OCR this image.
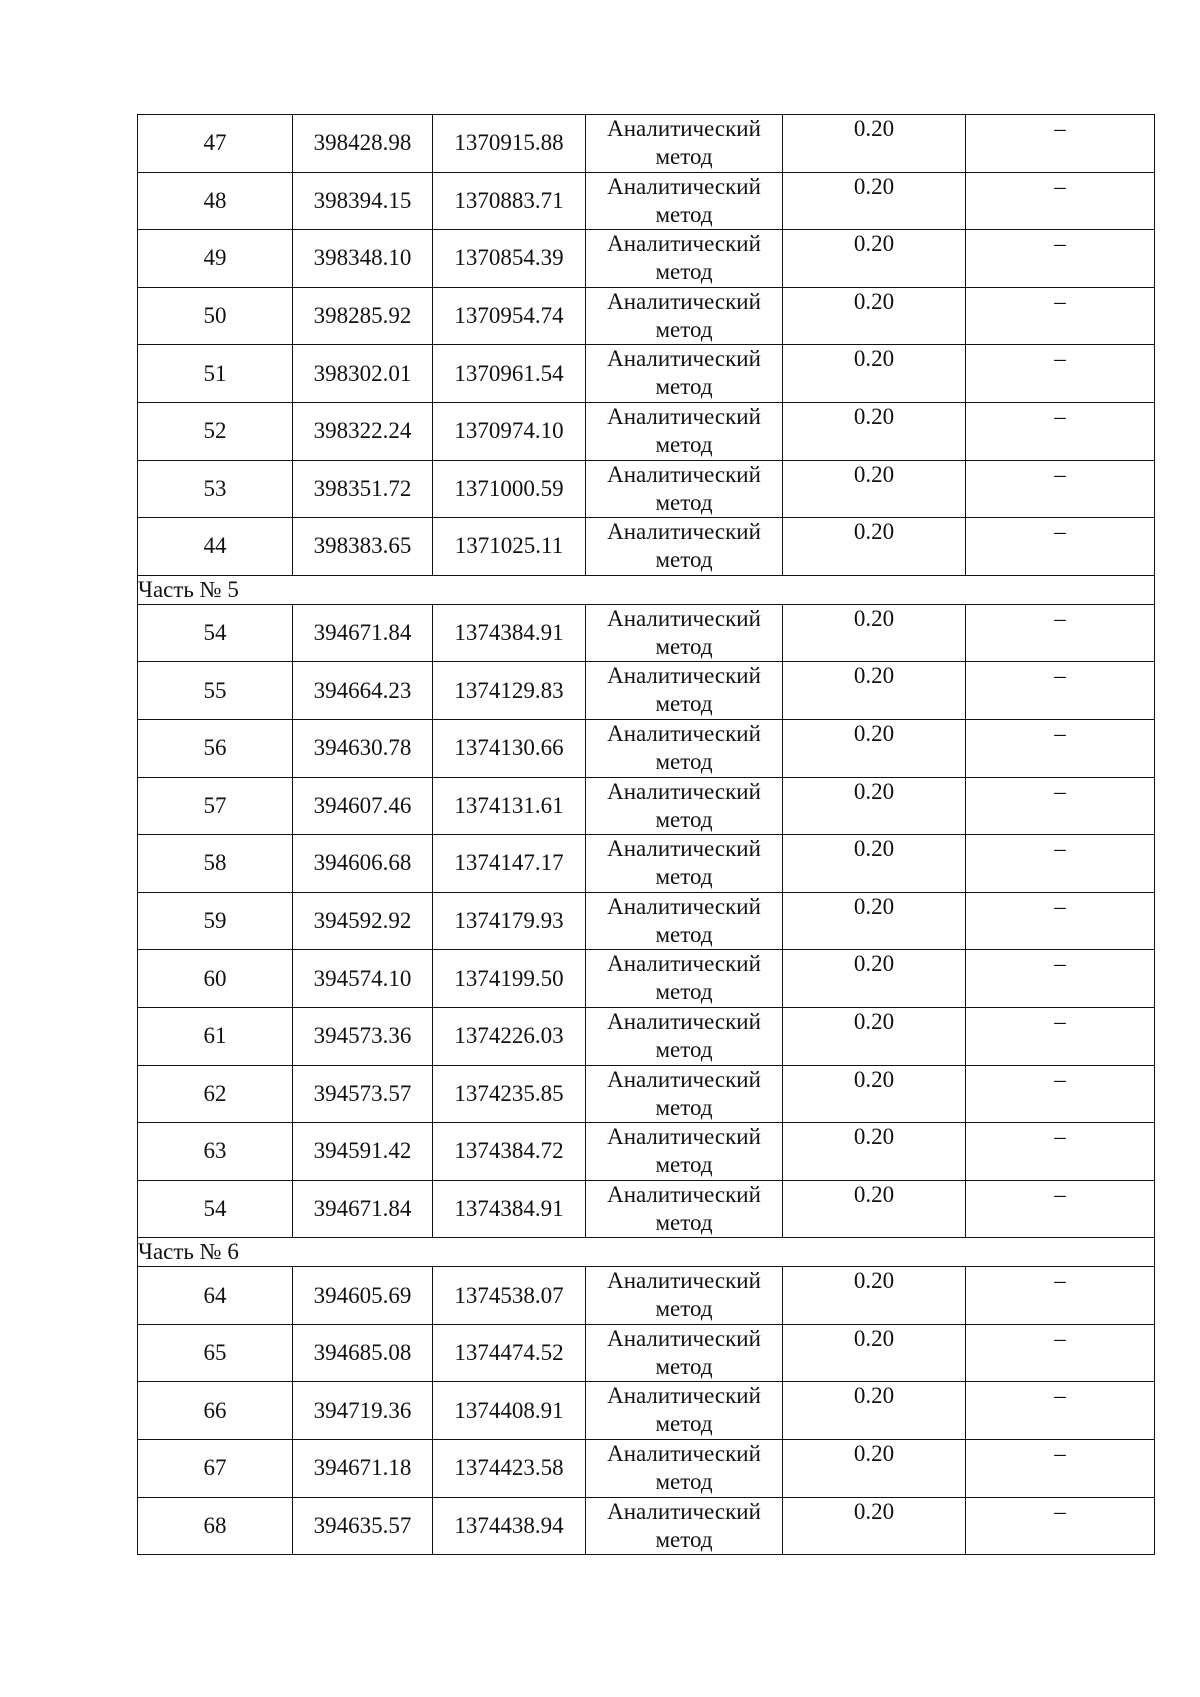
47	398428.98	1370915.88	Аналитический
метод	0.20	–
48	398394.15	1370883.71	Аналитический
метод	0.20	–
49	398348.10	1370854.39	Аналитический
метод	0.20	–
50	398285.92	1370954.74	Аналитический
метод	0.20	–
51	398302.01	1370961.54	Аналитический
метод	0.20	–
52	398322.24	1370974.10	Аналитический
метод	0.20	–
53	398351.72	1371000.59	Аналитический
метод	0.20	–
44	398383.65	1371025.11	Аналитический
метод	0.20	–
Часть № 5					
54	394671.84	1374384.91	Аналитический
метод	0.20	–
55	394664.23	1374129.83	Аналитический
метод	0.20	–
56	394630.78	1374130.66	Аналитический
метод	0.20	–
57	394607.46	1374131.61	Аналитический
метод	0.20	–
58	394606.68	1374147.17	Аналитический
метод	0.20	–
59	394592.92	1374179.93	Аналитический
метод	0.20	–
60	394574.10	1374199.50	Аналитический
метод	0.20	–
61	394573.36	1374226.03	Аналитический
метод	0.20	–
62	394573.57	1374235.85	Аналитический
метод	0.20	–
63	394591.42	1374384.72	Аналитический
метод	0.20	–
54	394671.84	1374384.91	Аналитический
метод	0.20	–
Часть № 6					
64	394605.69	1374538.07	Аналитический
метод	0.20	–
65	394685.08	1374474.52	Аналитический
метод	0.20	–
66	394719.36	1374408.91	Аналитический
метод	0.20	–
67	394671.18	1374423.58	Аналитический
метод	0.20	–
68	394635.57	1374438.94	Аналитический
метод	0.20	–
